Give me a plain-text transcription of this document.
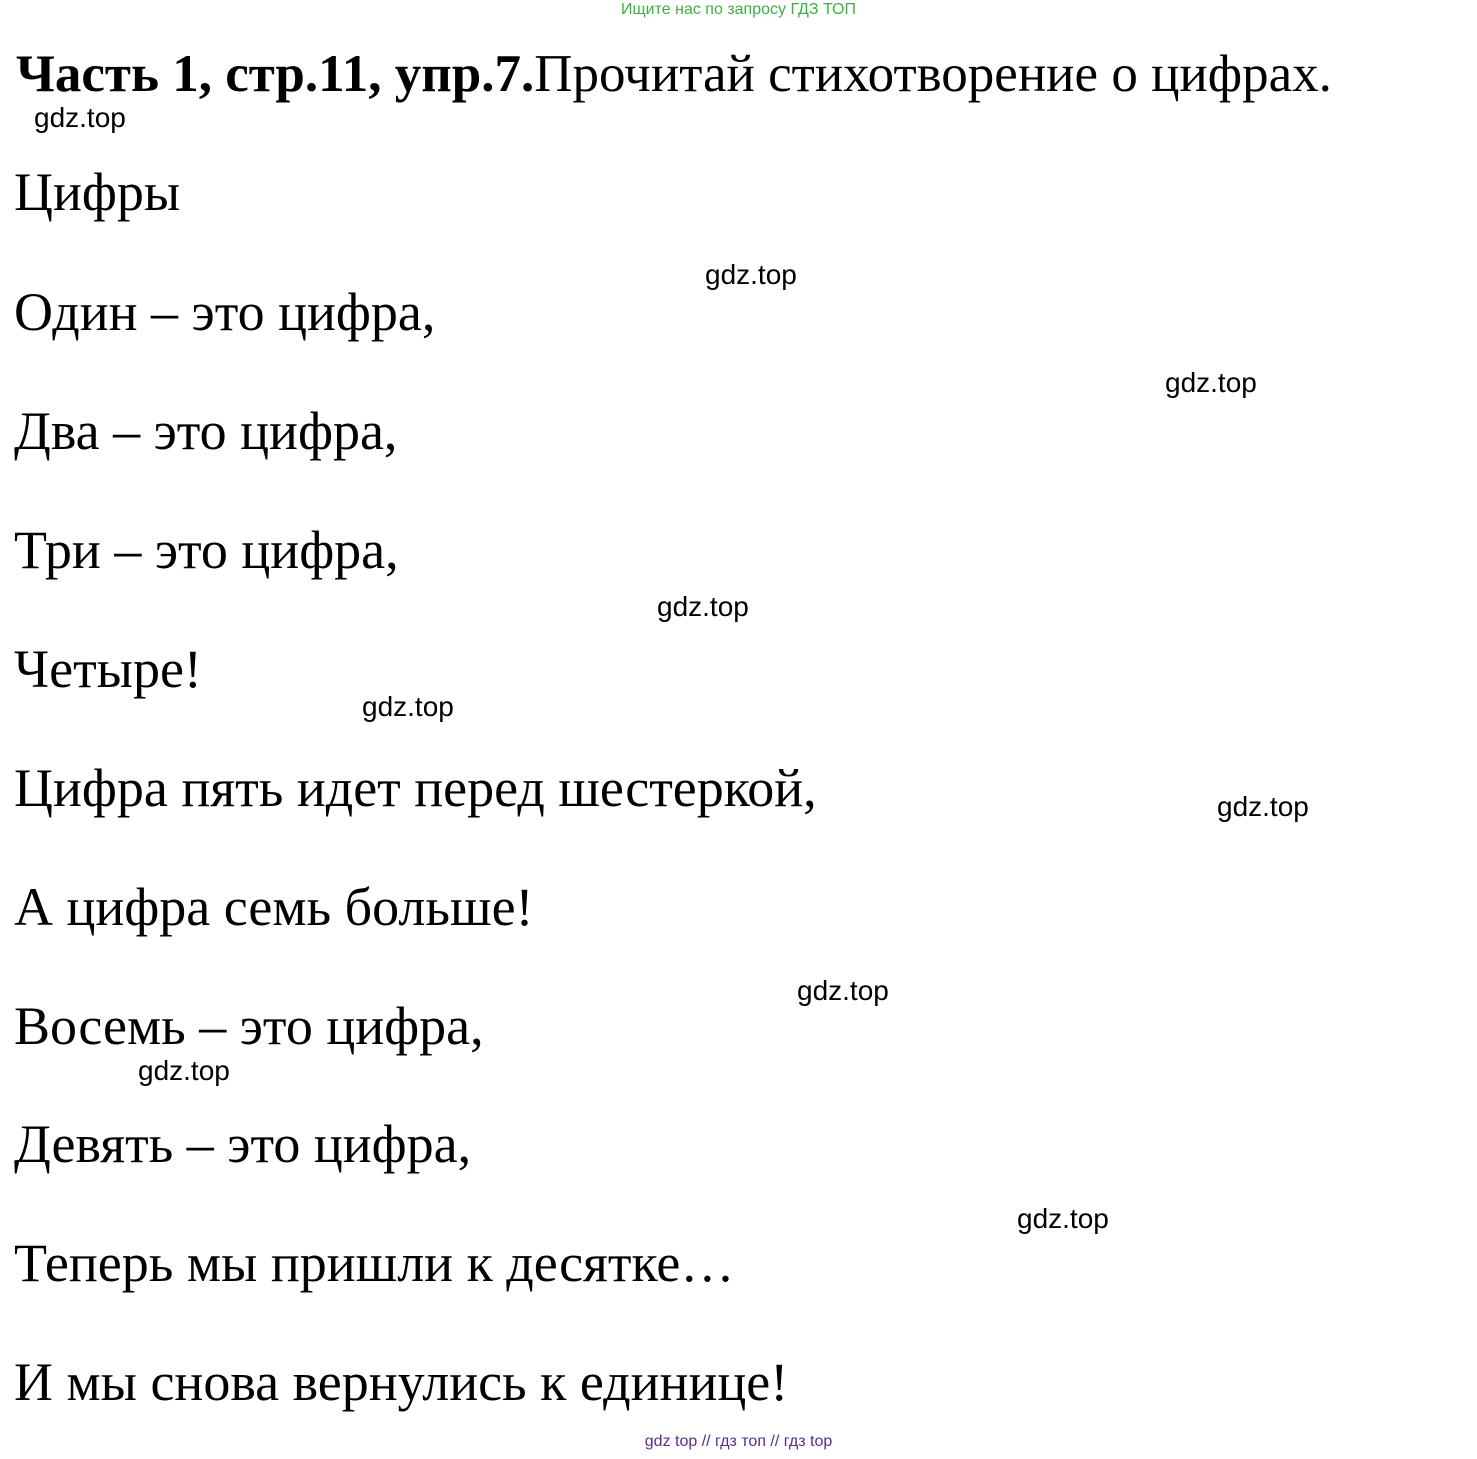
Ищите нас по запросу ГДЗ ТОП
Часть 1, стр.11, упр.7.Прочитай стихотворение о цифрах.
gdz.top
Цифры
gdz.top
Один – это цифра,
gdz.top
Два – это цифра,
Три – это цифра,
gdz.top
Четыре!
gdz.top
Цифра пять идет перед шестеркой,	gdz.top
А цифра семь больше!
gdz.top
Восемь – это цифра,
gdz.top
Девять – это цифра,
gdz.top
Теперь мы пришли к десятке…
И мы снова вернулись к единице!
gdz top // гдз топ // гдз top
